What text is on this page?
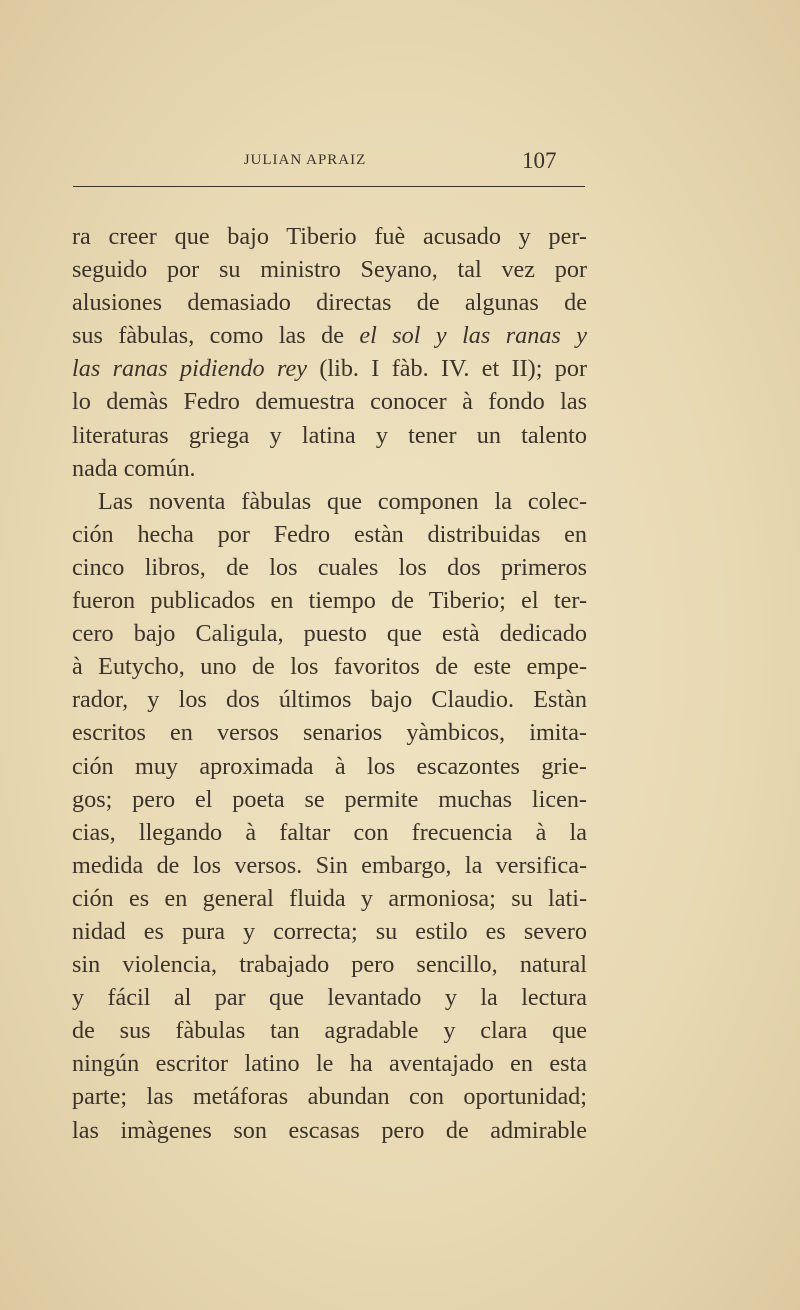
JULIAN APRAIZ	107
ra creer que bajo Tiberio fuè acusado y per-
seguido por su ministro Seyano, tal vez por
alusiones demasiado directas de algunas de
sus fàbulas, como las de el sol y las ranas y
las ranas pidiendo rey (lib. I fàb. IV. et II); por
lo demàs Fedro demuestra conocer à fondo las
literaturas griega y latina y tener un talento
nada común.
Las noventa fàbulas que componen la colec-
ción hecha por Fedro estàn distribuidas en
cinco libros, de los cuales los dos primeros
fueron publicados en tiempo de Tiberio; el ter-
cero bajo Caligula, puesto que està dedicado
à Eutycho, uno de los favoritos de este empe-
rador, y los dos últimos bajo Claudio. Estàn
escritos en versos senarios yàmbicos, imita-
ción muy aproximada à los escazontes grie-
gos; pero el poeta se permite muchas licen-
cias, llegando à faltar con frecuencia à la
medida de los versos. Sin embargo, la versifica-
ción es en general fluida y armoniosa; su lati-
nidad es pura y correcta; su estilo es severo
sin violencia, trabajado pero sencillo, natural
y fácil al par que levantado y la lectura
de sus fàbulas tan agradable y clara que
ningún escritor latino le ha aventajado en esta
parte; las metáforas abundan con oportunidad;
las imàgenes son escasas pero de admirable
